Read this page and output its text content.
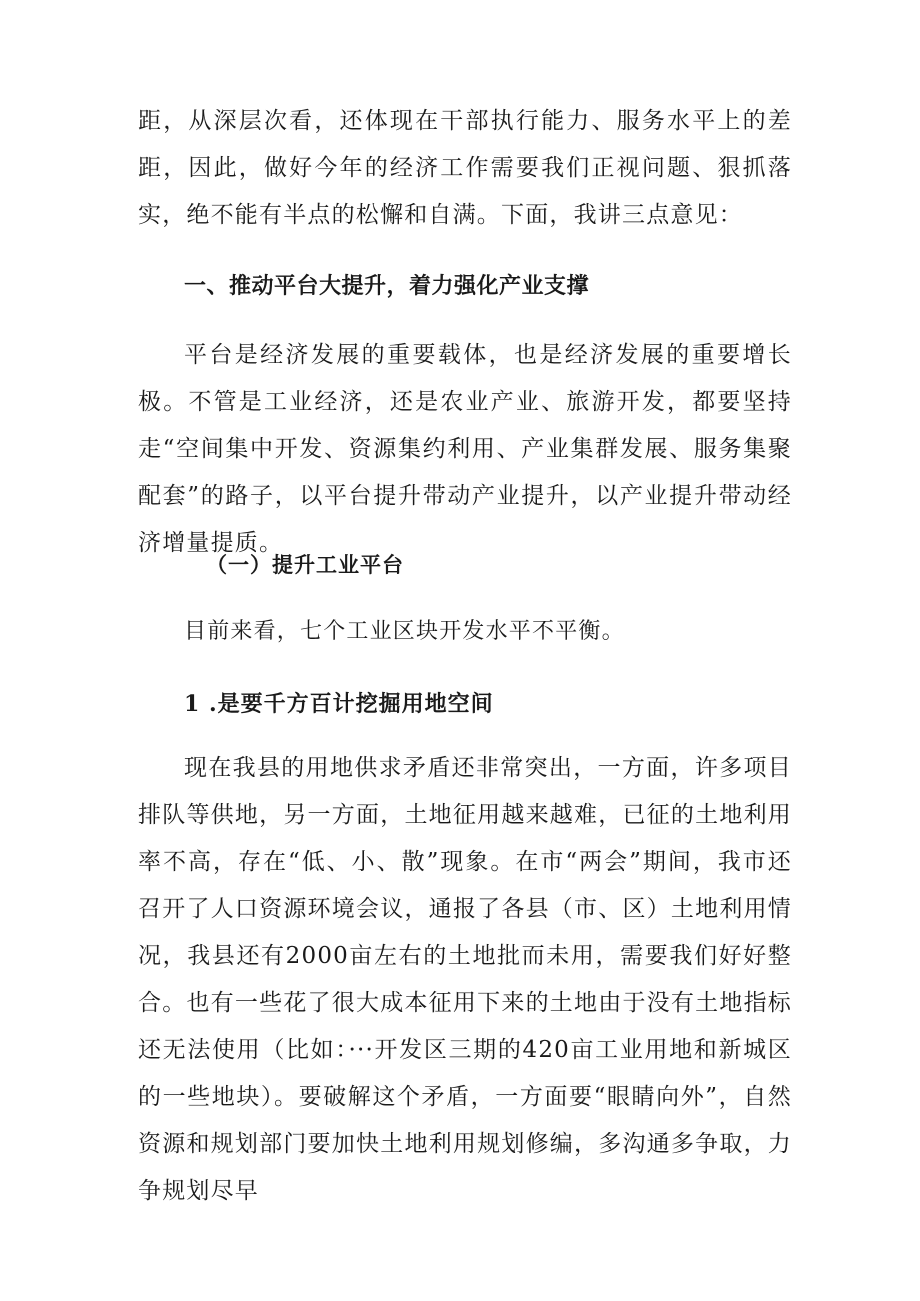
距，从深层次看，还体现在干部执行能力、服务水平上的差距，因此，做好今年的经济工作需要我们正视问题、狠抓落实，绝不能有半点的松懈和自满。下面，我讲三点意见：

一、推动平台大提升，着力强化产业支撑

平台是经济发展的重要载体，也是经济发展的重要增长极。不管是工业经济，还是农业产业、旅游开发，都要坚持走“空间集中开发、资源集约利用、产业集群发展、服务集聚配套”的路子，以平台提升带动产业提升，以产业提升带动经济增量提质。

（一）提升工业平台

目前来看，七个工业区块开发水平不平衡。

1 .是要千方百计挖掘用地空间

现在我县的用地供求矛盾还非常突出，一方面，许多项目排队等供地，另一方面，土地征用越来越难，已征的土地利用率不高，存在“低、小、散”现象。在市“两会”期间，我市还召开了人口资源环境会议，通报了各县（市、区）土地利用情况，我县还有2000亩左右的土地批而未用，需要我们好好整合。也有一些花了很大成本征用下来的土地由于没有土地指标还无法使用（比如：···开发区三期的420亩工业用地和新城区的一些地块）。要破解这个矛盾，一方面要“眼睛向外”，自然资源和规划部门要加快土地利用规划修编，多沟通多争取，力争规划尽早
